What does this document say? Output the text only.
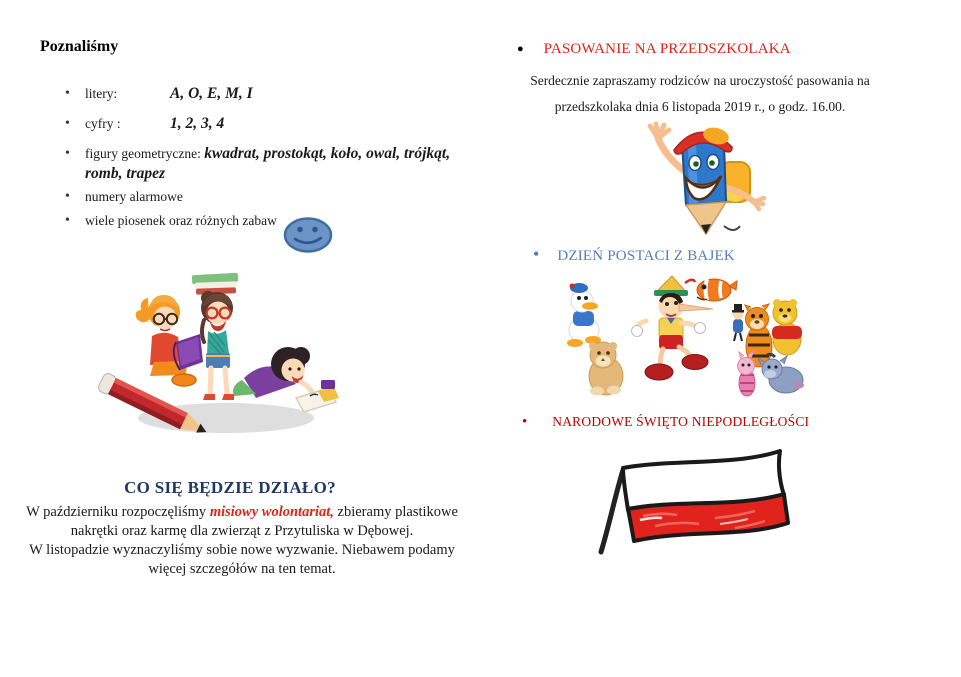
Poznaliśmy
• litery:	A, O, E, M, I
• cyfry :	1, 2, 3, 4
• figury geometryczne: kwadrat, prostokąt, koło, owal, trójkąt, romb, trapez
• numery alarmowe
• wiele piosenek oraz różnych zabaw
CO SIĘ BĘDZIE DZIAŁO?

W październiku rozpoczęliśmy misiowy wolontariat, zbieramy plastikowe nakrętki oraz karmę dla zwierząt z Przytuliska w Dębowej.
W listopadzie wyznaczyliśmy sobie nowe wyzwanie. Niebawem podamy więcej szczegółów na ten temat.

● PASOWANIE NA PRZEDSZKOLAKA

Serdecznie zapraszamy rodziców na uroczystość pasowania na
przedszkolaka dnia 6 listopada 2019 r., o godz. 16.00.

• DZIEŃ POSTACI Z BAJEK
• NARODOWE ŚWIĘTO NIEPODLEGŁOŚCI
